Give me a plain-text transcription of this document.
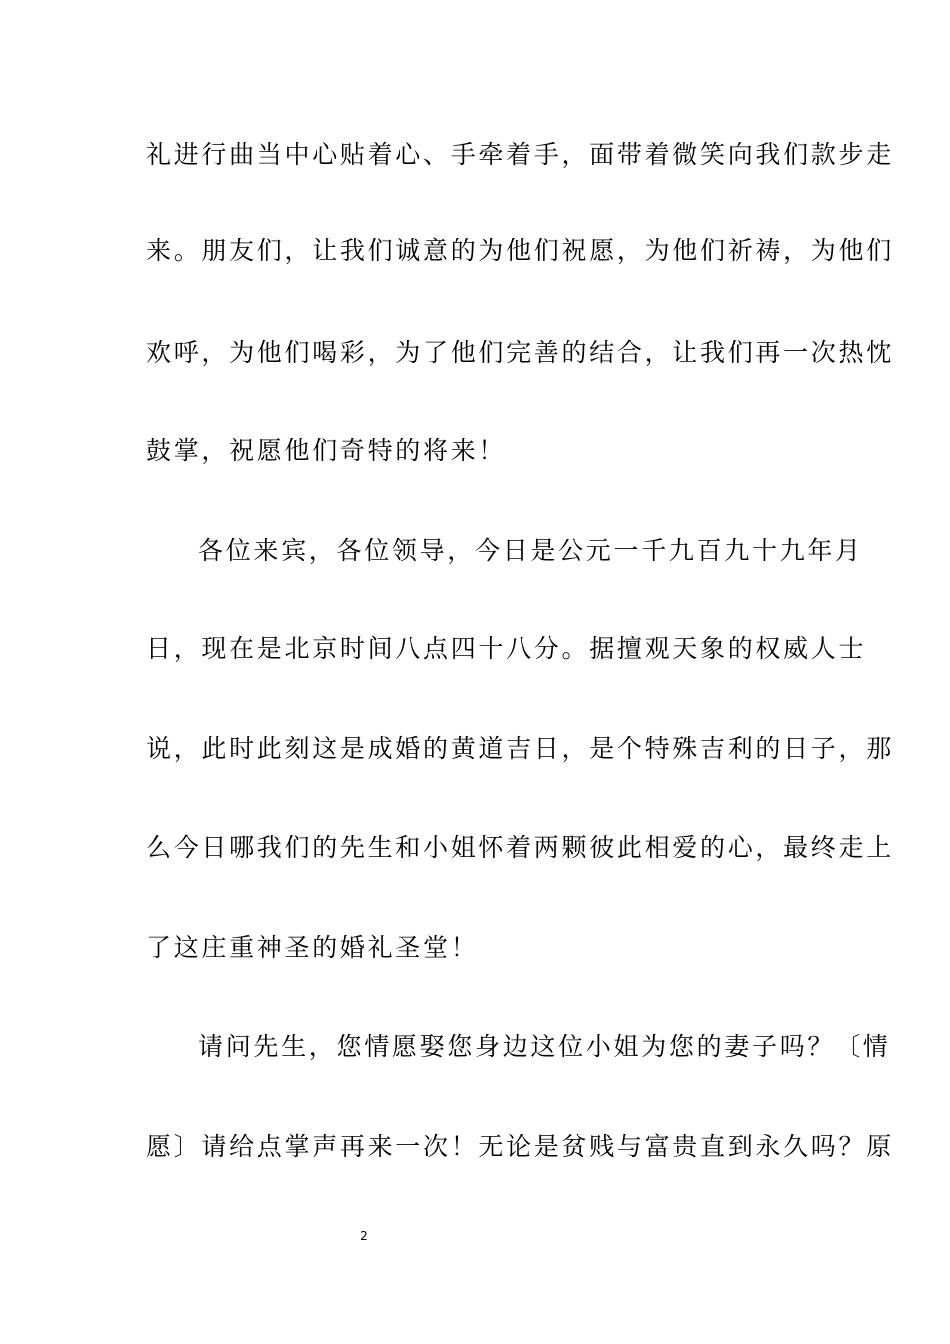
礼进行曲当中心贴着心、手牵着手，面带着微笑向我们款步走
来。朋友们，让我们诚意的为他们祝愿，为他们祈祷，为他们
欢呼，为他们喝彩，为了他们完善的结合，让我们再一次热忱
鼓掌，祝愿他们奇特的将来！
各位来宾，各位领导，今日是公元一千九百九十九年月
日，现在是北京时间八点四十八分。据擅观天象的权威人士
说，此时此刻这是成婚的黄道吉日，是个特殊吉利的日子，那
么今日哪我们的先生和小姐怀着两颗彼此相爱的心，最终走上
了这庄重神圣的婚礼圣堂！
请问先生，您情愿娶您身边这位小姐为您的妻子吗？〔情
愿〕请给点掌声再来一次！无论是贫贱与富贵直到永久吗？原
2
